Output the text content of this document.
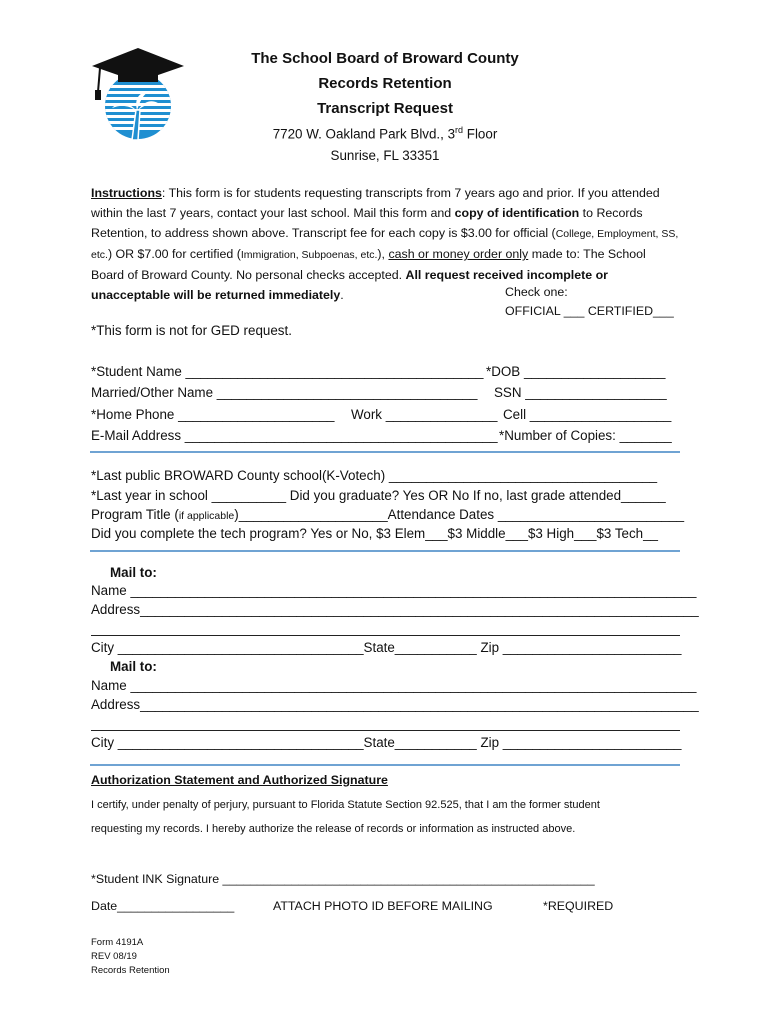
The School Board of Broward County
Records Retention
Transcript Request
7720 W. Oakland Park Blvd., 3rd Floor
Sunrise, FL 33351
Instructions: This form is for students requesting transcripts from 7 years ago and prior. If you attended within the last 7 years, contact your last school. Mail this form and copy of identification to Records Retention, to address shown above. Transcript fee for each copy is $3.00 for official (College, Employment, SS, etc.) OR $7.00 for certified (Immigration, Subpoenas, etc.), cash or money order only made to: The School Board of Broward County. No personal checks accepted. All request received incomplete or unacceptable will be returned immediately.	Check one:
OFFICIAL ___ CERTIFIED___
*This form is not for GED request.
*Student Name ________________________________________ *DOB ___________________
Married/Other Name ___________________________________ SSN ___________________
*Home Phone _____________________ Work _______________ Cell ___________________
E-Mail Address __________________________________________ *Number of Copies: _______
*Last public BROWARD County school(K-Votech) ____________________________________
*Last year in school __________ Did you graduate? Yes OR No If no, last grade attended______
Program Title (if applicable)____________________Attendance Dates _________________________
Did you complete the tech program? Yes or No, $3 Elem___$3 Middle___$3 High___$3 Tech__
Mail to:
Name ____________________________________________________________________________
Address___________________________________________________________________________
City _________________________________State___________ Zip ________________________
Mail to:
Name ____________________________________________________________________________
Address___________________________________________________________________________
City _________________________________State___________ Zip ________________________
Authorization Statement and Authorized Signature
I certify, under penalty of perjury, pursuant to Florida Statute Section 92.525, that I am the former student
requesting my records. I hereby authorize the release of records or information as instructed above.
*Student INK Signature ______________________________________________________
Date_________________	ATTACH PHOTO ID BEFORE MAILING	*REQUIRED
Form 4191A
REV 08/19
Records Retention
